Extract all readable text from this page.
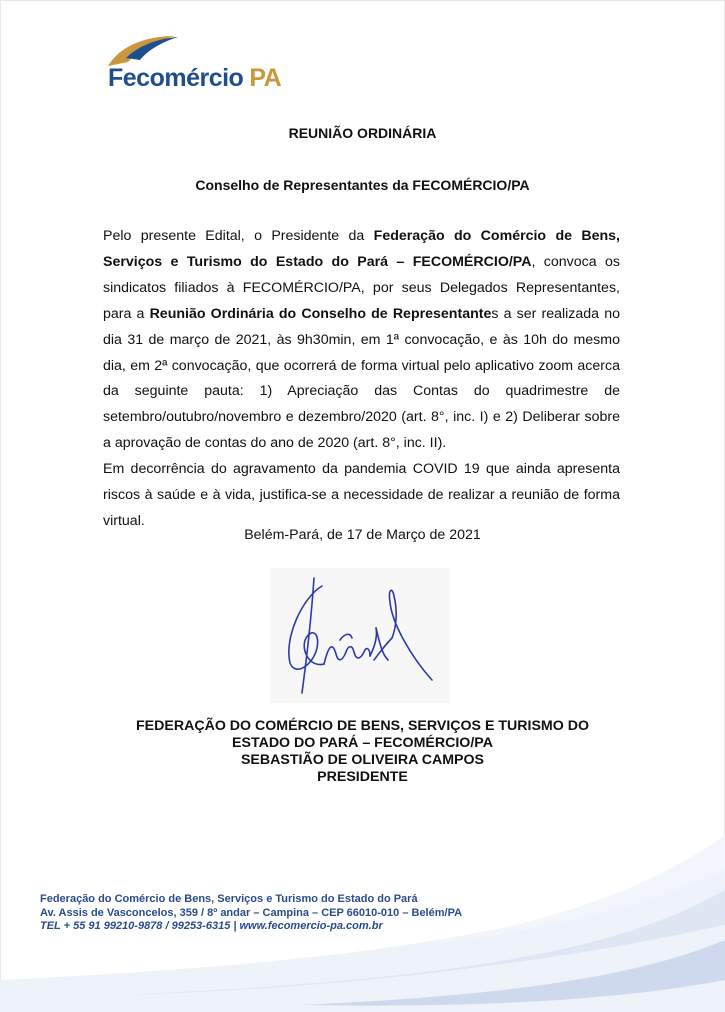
Fecomércio PA
REUNIÃO ORDINÁRIA
Conselho de Representantes da FECOMÉRCIO/PA

Pelo presente Edital, o Presidente da Federação do Comércio de Bens, Serviços e Turismo do Estado do Pará – FECOMÉRCIO/PA, convoca os sindicatos filiados à FECOMÉRCIO/PA, por seus Delegados Representantes, para a Reunião Ordinária do Conselho de Representantes a ser realizada no dia 31 de março de 2021, às 9h30min, em 1ª convocação, e às 10h do mesmo dia, em 2ª convocação, que ocorrerá de forma virtual pelo aplicativo zoom acerca da seguinte pauta: 1) Apreciação das Contas do quadrimestre de setembro/outubro/novembro e dezembro/2020 (art. 8°, inc. I) e 2) Deliberar sobre a aprovação de contas do ano de 2020 (art. 8°, inc. II).

Em decorrência do agravamento da pandemia COVID 19 que ainda apresenta riscos à saúde e à vida, justifica-se a necessidade de realizar a reunião de forma virtual.

Belém-Pará, de 17 de Março de 2021
FEDERAÇÃO DO COMÉRCIO DE BENS, SERVIÇOS E TURISMO DO
ESTADO DO PARÁ – FECOMÉRCIO/PA
SEBASTIÃO DE OLIVEIRA CAMPOS
PRESIDENTE
Federação do Comércio de Bens, Serviços e Turismo do Estado do Pará
Av. Assis de Vasconcelos, 359 / 8º andar – Campina – CEP 66010-010 – Belém/PA
TEL + 55 91 99210-9878 / 99253-6315 | www.fecomercio-pa.com.br
